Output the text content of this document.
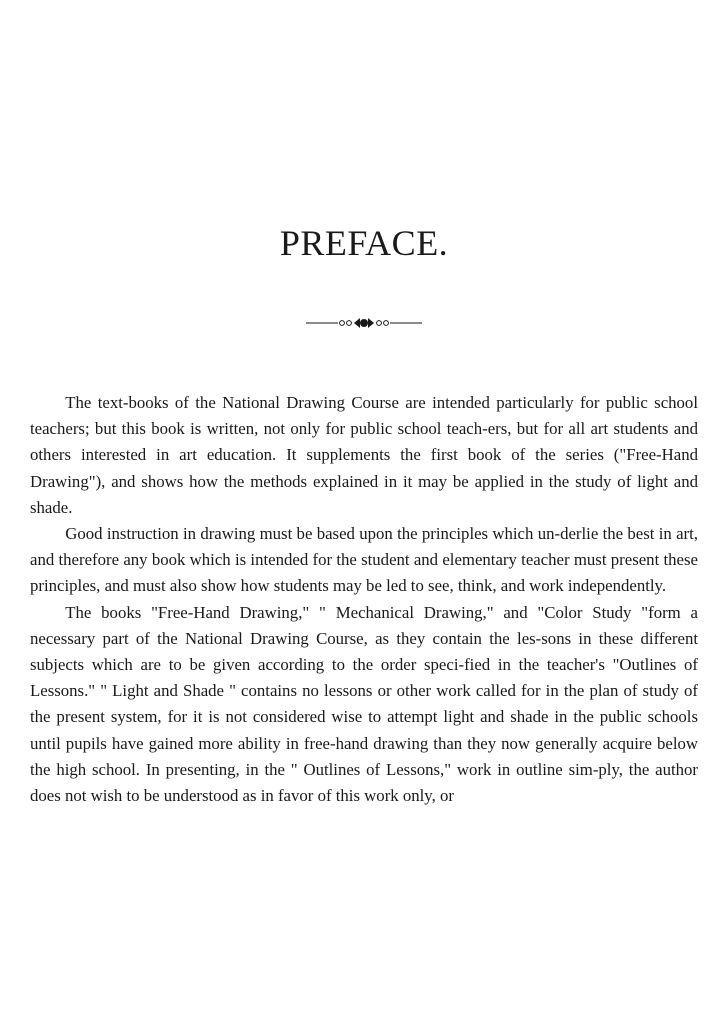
PREFACE.

The text-books of the National Drawing Course are intended particularly for public school teachers; but this book is written, not only for public school teach-ers, but for all art students and others interested in art education. It supplements the first book of the series ("Free-Hand Drawing"), and shows how the methods explained in it may be applied in the study of light and shade.

Good instruction in drawing must be based upon the principles which un-derlie the best in art, and therefore any book which is intended for the student and elementary teacher must present these principles, and must also show how students may be led to see, think, and work independently.

The books "Free-Hand Drawing," " Mechanical Drawing," and "Color Study "form a necessary part of the National Drawing Course, as they contain the les-sons in these different subjects which are to be given according to the order speci-fied in the teacher's "Outlines of Lessons." " Light and Shade " contains no lessons or other work called for in the plan of study of the present system, for it is not considered wise to attempt light and shade in the public schools until pupils have gained more ability in free-hand drawing than they now generally acquire below the high school. In presenting, in the " Outlines of Lessons," work in outline sim-ply, the author does not wish to be understood as in favor of this work only, or
